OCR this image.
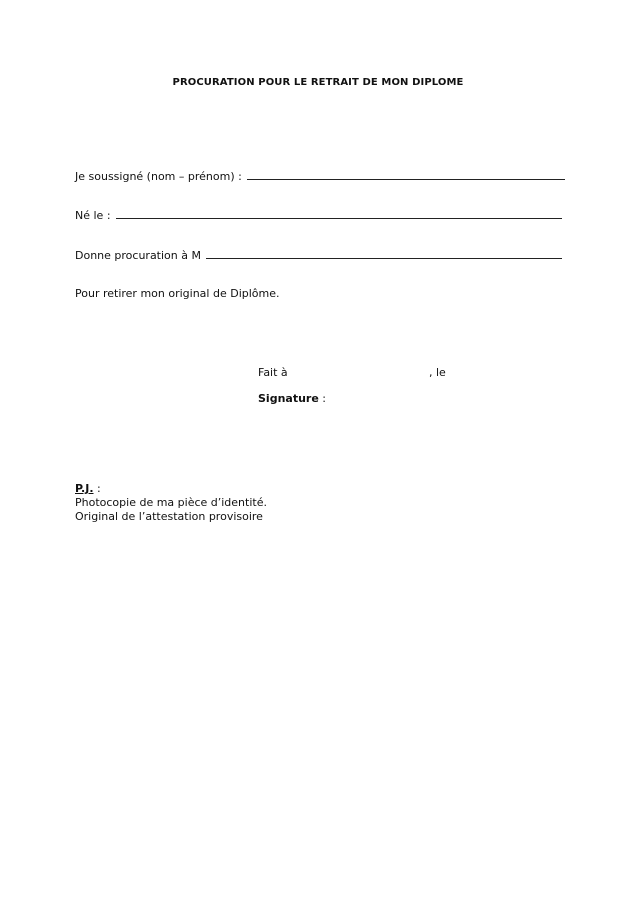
PROCURATION POUR LE RETRAIT DE MON DIPLOME
Je soussigné (nom – prénom) :
Né le :
Donne procuration à M
Pour retirer mon original de Diplôme.
Fait à	, le
Signature :
P.J. :
Photocopie de ma pièce d’identité.
Original de l’attestation provisoire
